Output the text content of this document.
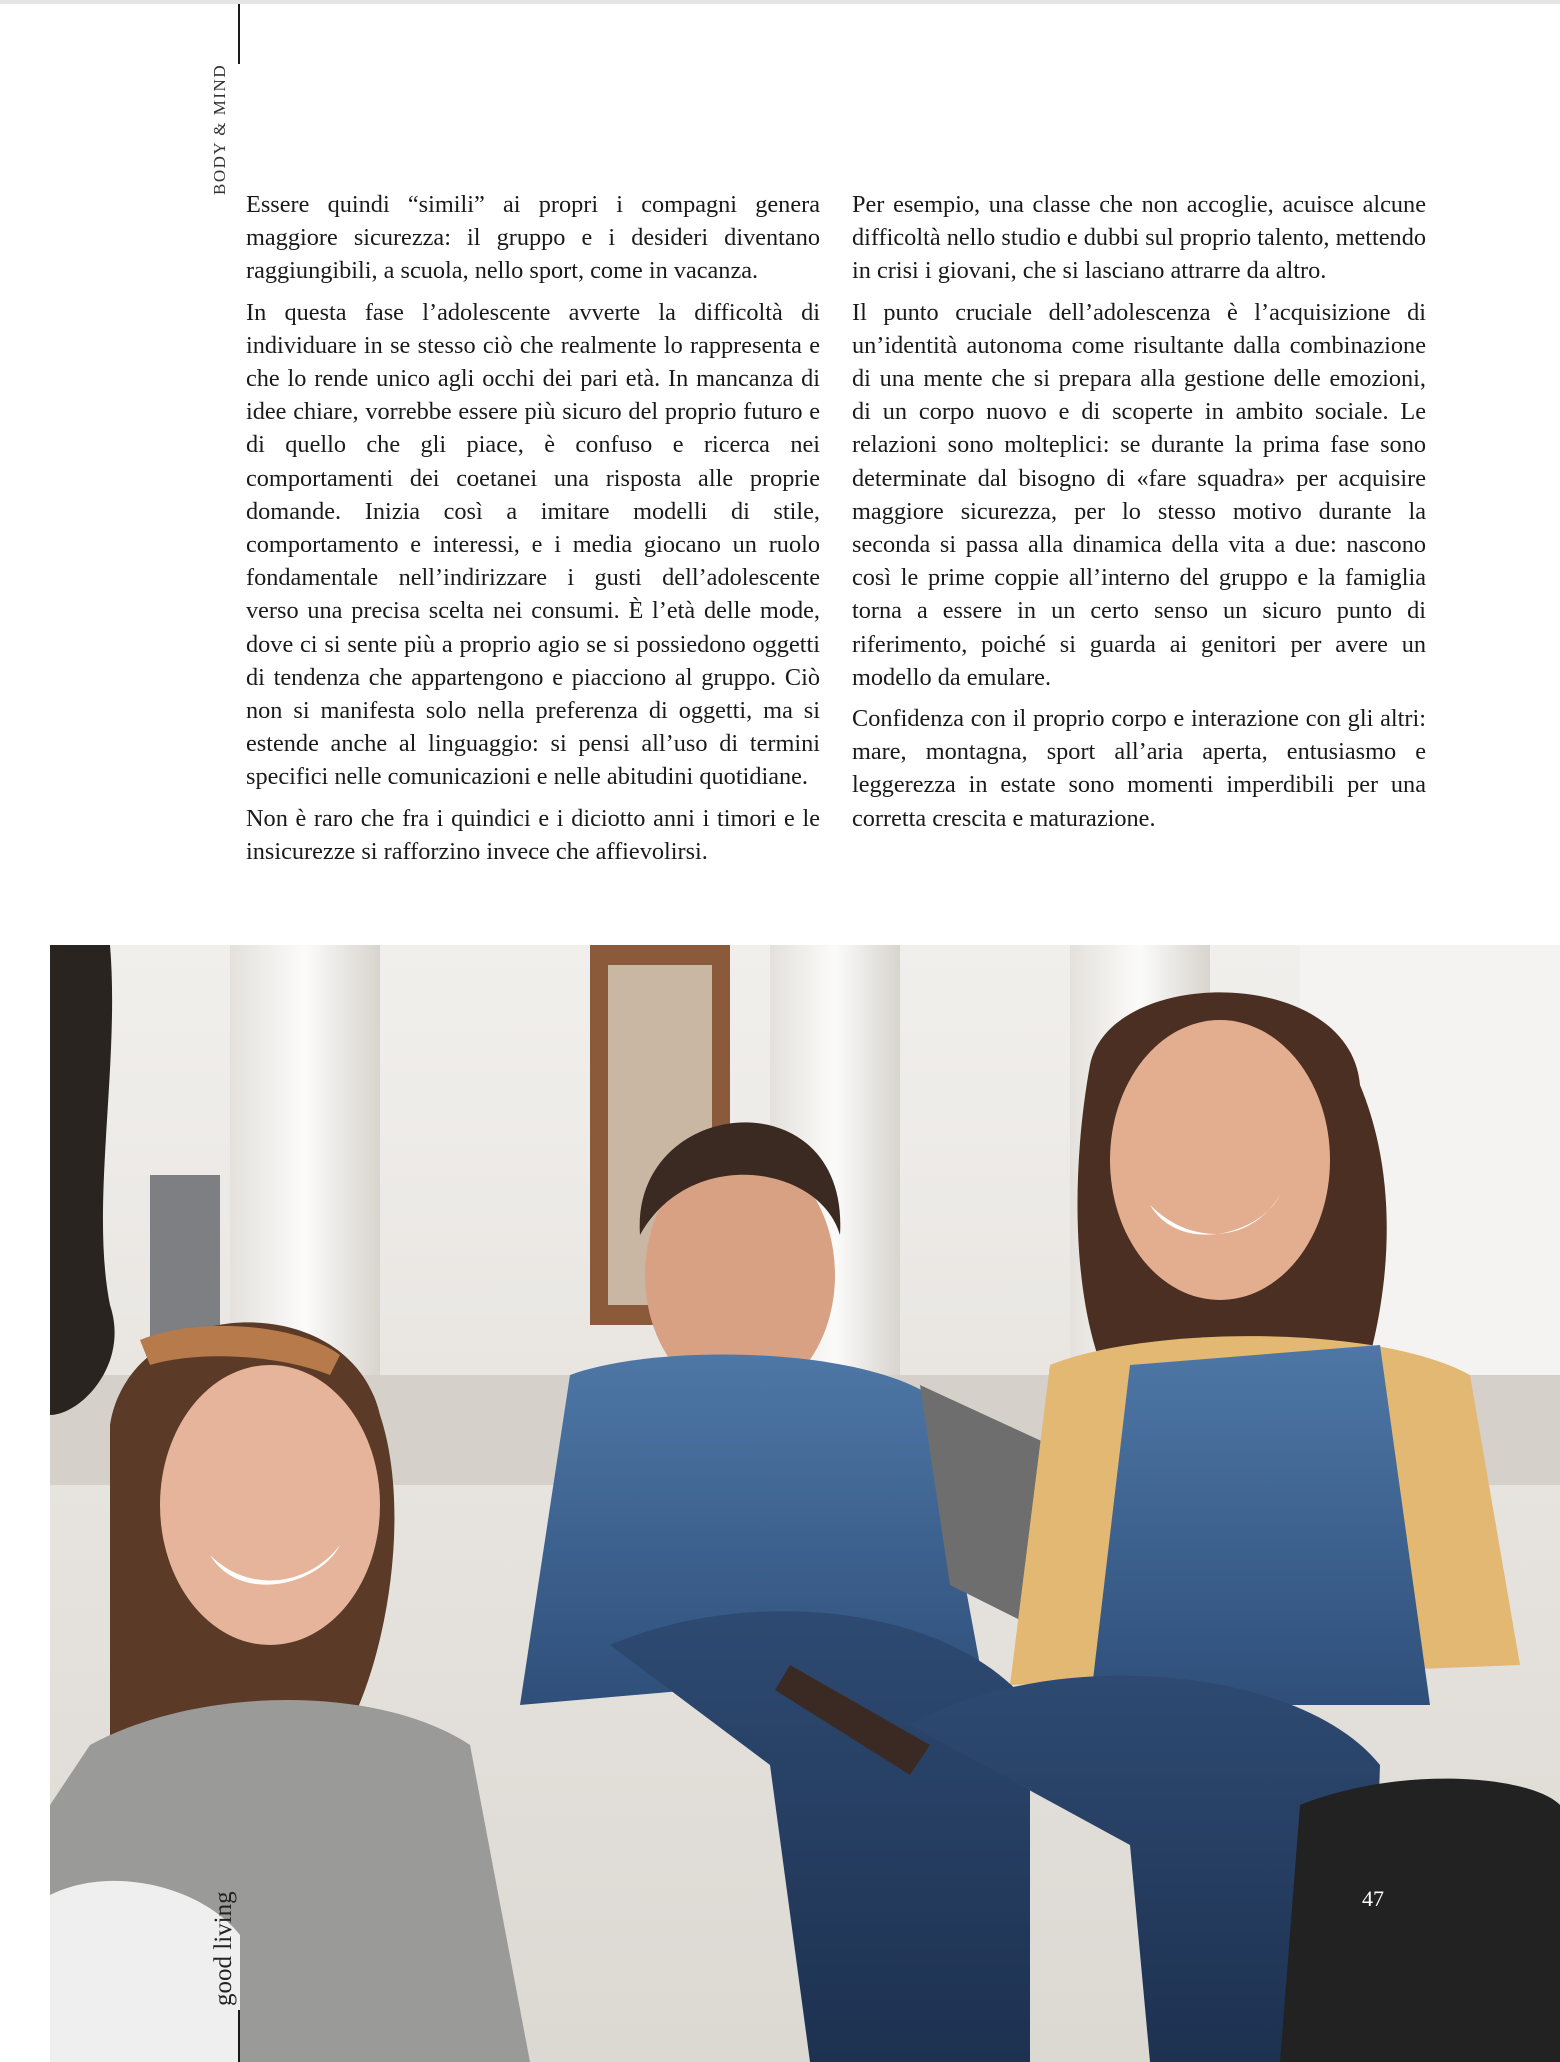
BODY & MIND

Essere quindi “simili” ai propri i compagni genera maggiore sicurezza: il gruppo e i desideri diventano raggiungibili, a scuola, nello sport, come in vacanza.

In questa fase l’adolescente avverte la difficoltà di individuare in se stesso ciò che realmente lo rappresenta e che lo rende unico agli occhi dei pari età. In mancanza di idee chiare, vorrebbe essere più sicuro del proprio futuro e di quello che gli piace, è confuso e ricerca nei comportamenti dei coetanei una risposta alle proprie domande. Inizia così a imitare modelli di stile, comportamento e interessi, e i media giocano un ruolo fondamentale nell’indirizzare i gusti dell’adolescente verso una precisa scelta nei consumi. È l’età delle mode, dove ci si sente più a proprio agio se si possiedono oggetti di tendenza che appartengono e piacciono al gruppo. Ciò non si manifesta solo nella preferenza di oggetti, ma si estende anche al linguaggio: si pensi all’uso di termini specifici nelle comunicazioni e nelle abitudini quotidiane.

Non è raro che fra i quindici e i diciotto anni i timori e le insicurezze si rafforzino invece che affievolirsi.

Per esempio, una classe che non accoglie, acuisce alcune difficoltà nello studio e dubbi sul proprio talento, mettendo in crisi i giovani, che si lasciano attrarre da altro.

Il punto cruciale dell’adolescenza è l’acquisizione di un’identità autonoma come risultante dalla combinazione di una mente che si prepara alla gestione delle emozioni, di un corpo nuovo e di scoperte in ambito sociale. Le relazioni sono molteplici: se durante la prima fase sono determinate dal bisogno di «fare squadra» per acquisire maggiore sicurezza, per lo stesso motivo durante la seconda si passa alla dinamica della vita a due: nascono così le prime coppie all’interno del gruppo e la famiglia torna a essere in un certo senso un sicuro punto di riferimento, poiché si guarda ai genitori per avere un modello da emulare.

Confidenza con il proprio corpo e interazione con gli altri: mare, montagna, sport all’aria aperta, entusiasmo e leggerezza in estate sono momenti imperdibili per una corretta crescita e maturazione.

47
good living
